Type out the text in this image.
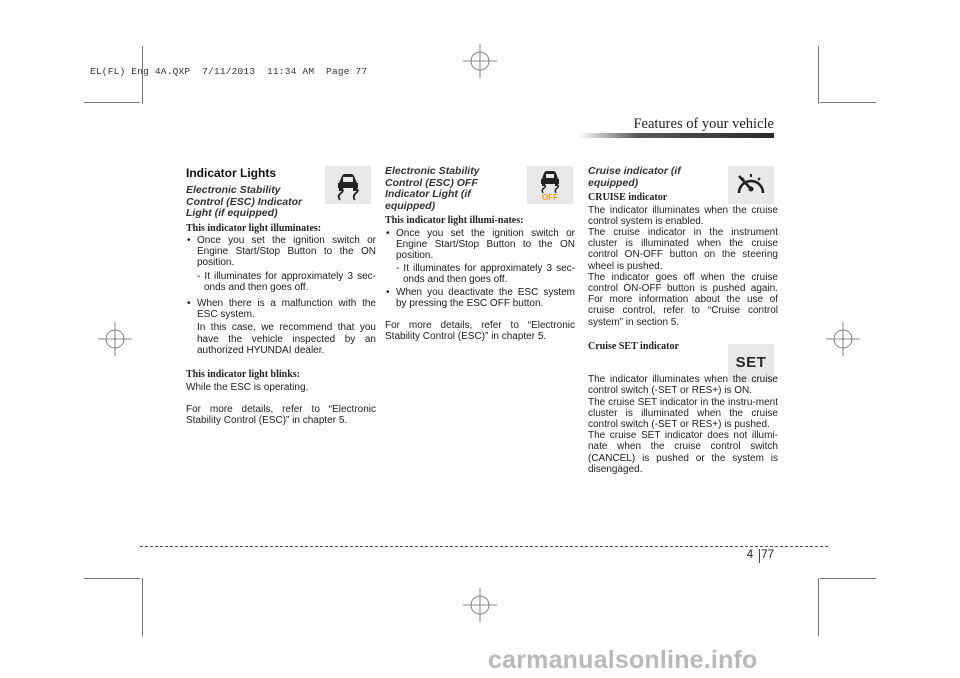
EL(FL) Eng 4A.QXP  7/11/2013  11:34 AM  Page 77
Features of your vehicle
OFF
SET
Indicator Lights
Electronic Stability Control (ESC) Indicator Light (if equipped)
This indicator light illuminates:
• Once you set the ignition switch or Engine Start/Stop Button to the ON position.
- It illuminates for approximately 3 sec-onds and then goes off.
• When there is a malfunction with the ESC system.
In this case, we recommend that you have the vehicle inspected by an authorized HYUNDAI dealer.
This indicator light blinks:
While the ESC is operating.
For more details, refer to “Electronic Stability Control (ESC)” in chapter 5.
Electronic Stability Control (ESC) OFF Indicator Light (if equipped)
This indicator light illumi-nates:
• Once you set the ignition switch or Engine Start/Stop Button to the ON position.
- It illuminates for approximately 3 sec-onds and then goes off.
• When you deactivate the ESC system by pressing the ESC OFF button.
For more details, refer to “Electronic Stability Control (ESC)” in chapter 5.
Cruise indicator (if equipped)
CRUISE indicator
The indicator illuminates when the cruise control system is enabled.
The cruise indicator in the instrument cluster is illuminated when the cruise control ON-OFF button on the steering wheel is pushed.
The indicator goes off when the cruise control ON-OFF button is pushed again. For more information about the use of cruise control, refer to “Cruise control system” in section 5.
Cruise SET indicator
The indicator illuminates when the cruise control switch (-SET or RES+) is ON.
The cruise SET indicator in the instru-ment cluster is illuminated when the cruise control switch (-SET or RES+) is pushed.
The cruise SET indicator does not illumi-nate when the cruise control switch (CANCEL) is pushed or the system is disengaged.
4 77
carmanualsonline.info
